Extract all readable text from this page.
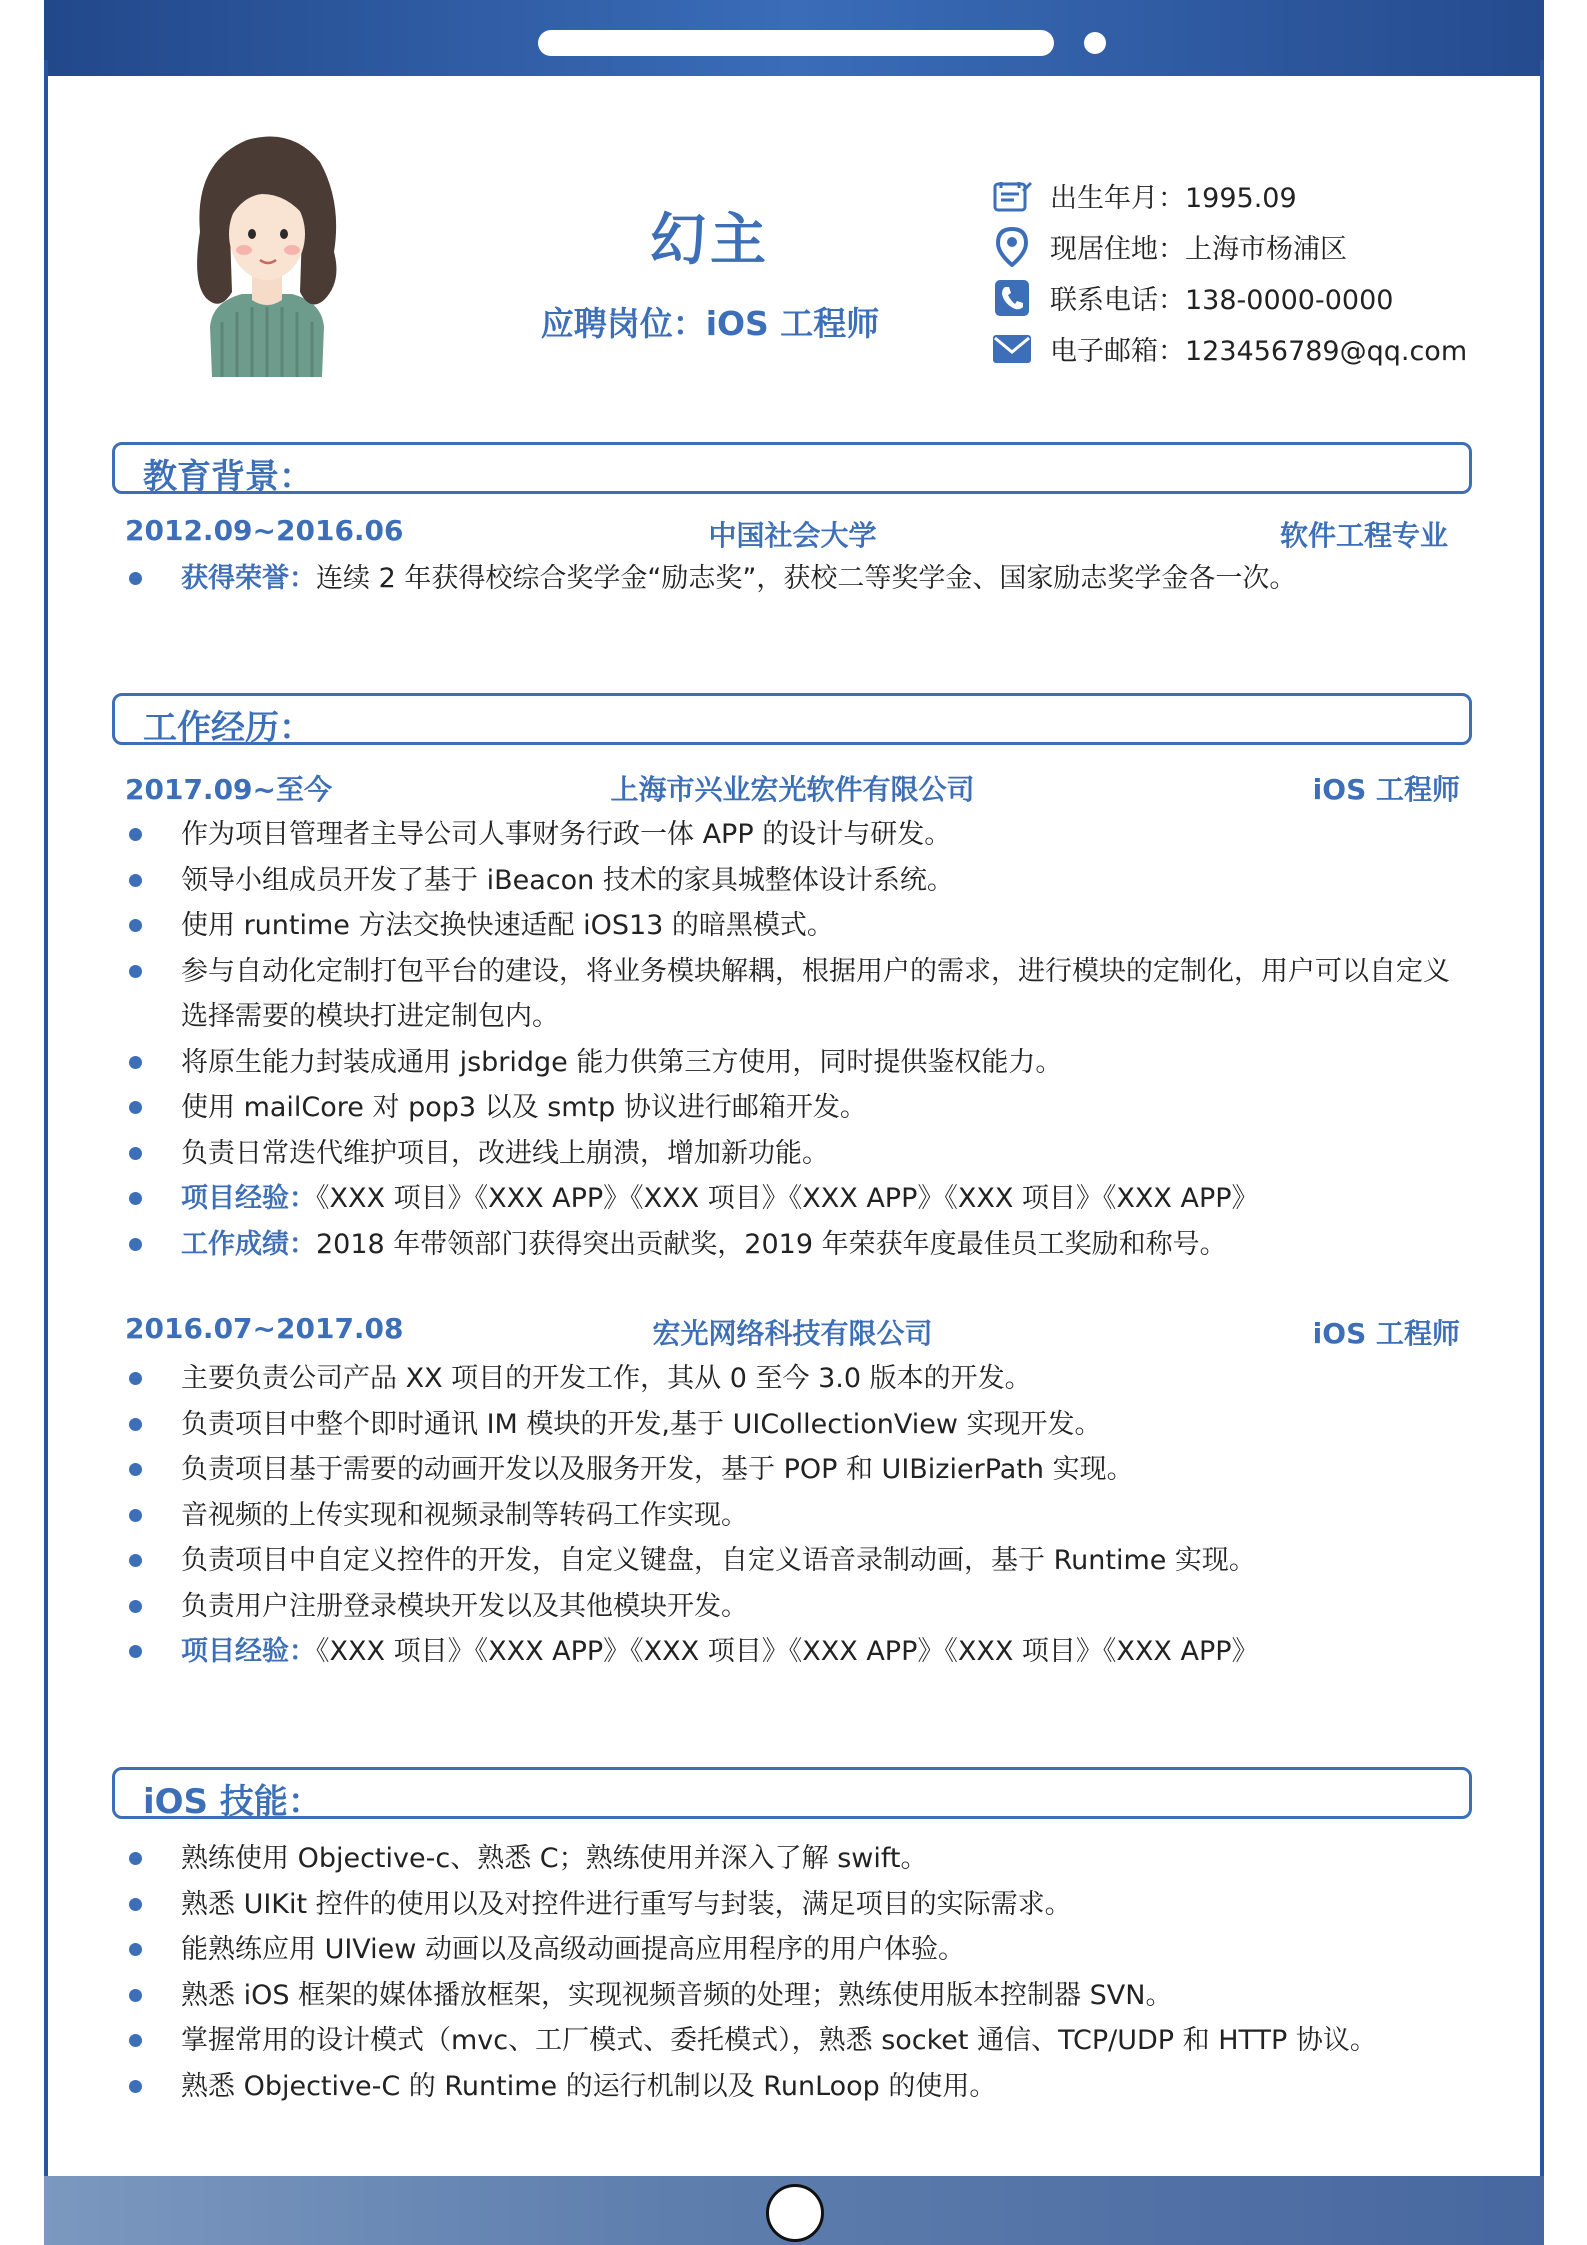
幻主
应聘岗位：iOS 工程师
出生年月：1995.09
现居住地：上海市杨浦区
联系电话：138-0000-0000
电子邮箱：123456789@qq.com
教育背景：
2012.09~2016.06	中国社会大学	软件工程专业
获得荣誉：连续 2 年获得校综合奖学金“励志奖”，获校二等奖学金、国家励志奖学金各一次。
工作经历：
2017.09~至今	上海市兴业宏光软件有限公司	iOS 工程师
作为项目管理者主导公司人事财务行政一体 APP 的设计与研发。
领导小组成员开发了基于 iBeacon 技术的家具城整体设计系统。
使用 runtime 方法交换快速适配 iOS13 的暗黑模式。
参与自动化定制打包平台的建设，将业务模块解耦，根据用户的需求，进行模块的定制化，用户可以自定义选择需要的模块打进定制包内。
将原生能力封装成通用 jsbridge 能力供第三方使用，同时提供鉴权能力。
使用 mailCore 对 pop3 以及 smtp 协议进行邮箱开发。
负责日常迭代维护项目，改进线上崩溃，增加新功能。
项目经验：《XXX 项目》《XXX APP》《XXX 项目》《XXX APP》《XXX 项目》《XXX APP》
工作成绩：2018 年带领部门获得突出贡献奖，2019 年荣获年度最佳员工奖励和称号。
2016.07~2017.08	宏光网络科技有限公司	iOS 工程师
主要负责公司产品 XX 项目的开发工作，其从 0 至今 3.0 版本的开发。
负责项目中整个即时通讯 IM 模块的开发,基于 UICollectionView 实现开发。
负责项目基于需要的动画开发以及服务开发，基于 POP 和 UIBizierPath 实现。
音视频的上传实现和视频录制等转码工作实现。
负责项目中自定义控件的开发，自定义键盘，自定义语音录制动画，基于 Runtime 实现。
负责用户注册登录模块开发以及其他模块开发。
项目经验：《XXX 项目》《XXX APP》《XXX 项目》《XXX APP》《XXX 项目》《XXX APP》
iOS 技能：
熟练使用 Objective-c、熟悉 C；熟练使用并深入了解 swift。
熟悉 UIKit 控件的使用以及对控件进行重写与封装，满足项目的实际需求。
能熟练应用 UIView 动画以及高级动画提高应用程序的用户体验。
熟悉 iOS 框架的媒体播放框架，实现视频音频的处理；熟练使用版本控制器 SVN。
掌握常用的设计模式（mvc、工厂模式、委托模式），熟悉 socket 通信、TCP/UDP 和 HTTP 协议。
熟悉 Objective-C 的 Runtime 的运行机制以及 RunLoop 的使用。
